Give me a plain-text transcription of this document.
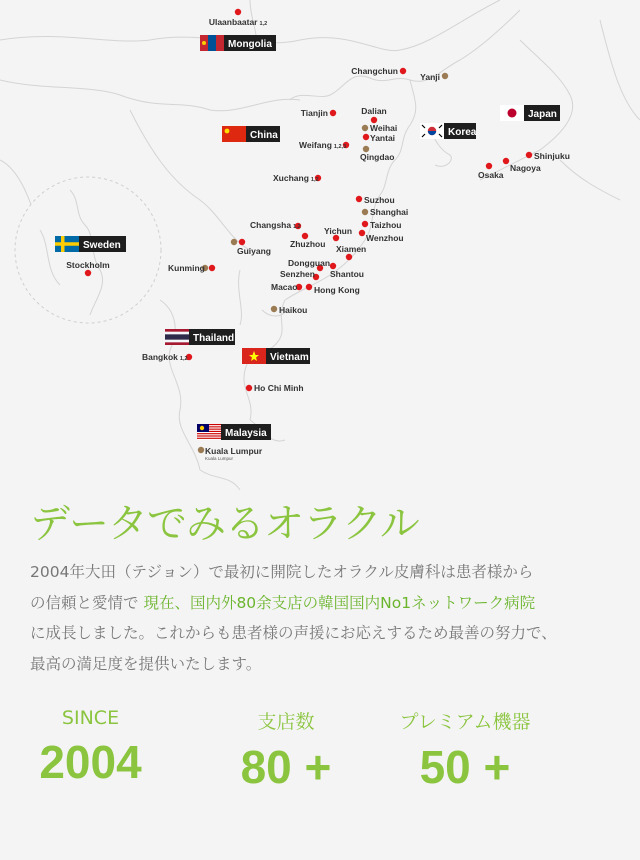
Ulaanbaatar 1,2
Changchun
Yanji
Tianjin	Dalian
Weihai
Yantai
Weifang 1,2,3
Qingdao	Shinjuku
Nagoya
Osaka
Xuchang 1,2
Suzhou
Shanghai
Taizhou
Wenzhou
Changsha 1,2	Yichun
Zhuzhou
Guiyang	Xiamen
Dongguan
Senzhen Shantou
Macao Hong Kong
Kunming
Haikou
Stockholm
Bangkok 1,2
Ho Chi Minh
Kuala Lumpur
Kuala Lumpur
Mongolia
China	Korea
Japan
Sweden
Thailand
Vietnam
Malaysia
データでみるオラクル
2004年大田（テジョン）で最初に開院したオラクル皮膚科は患者様から
の信頼と愛情で 現在、国内外80余支店の韓国国内No1ネットワーク病院
に成長しました。これからも患者様の声援にお応えするため最善の努力で、
最高の満足度を提供いたします。
SINCE
2004
支店数
80 +
プレミアム機器
50 +
